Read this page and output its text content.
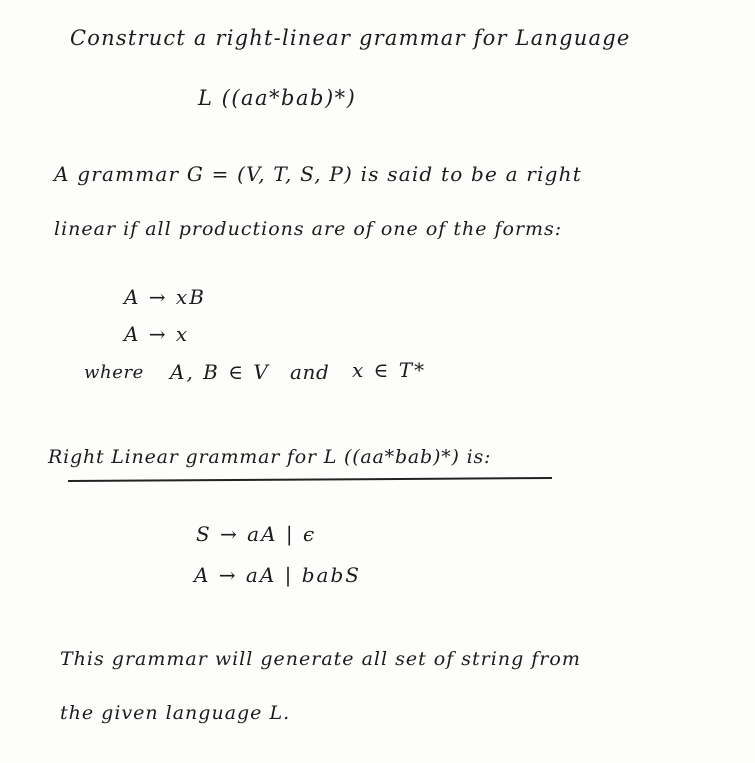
Construct a right-linear grammar for Language
L ((aa*bab)*)
A grammar G = (V, T, S, P) is said to be a right
linear if all productions are of one of the forms:
A → xB
A → x
where A, B ∈ V and x ∈ T*
Right Linear grammar for L ((aa*bab)*) is:
S → aA | ϵ
A → aA | babS
This grammar will generate all set of string from
the given language L.
